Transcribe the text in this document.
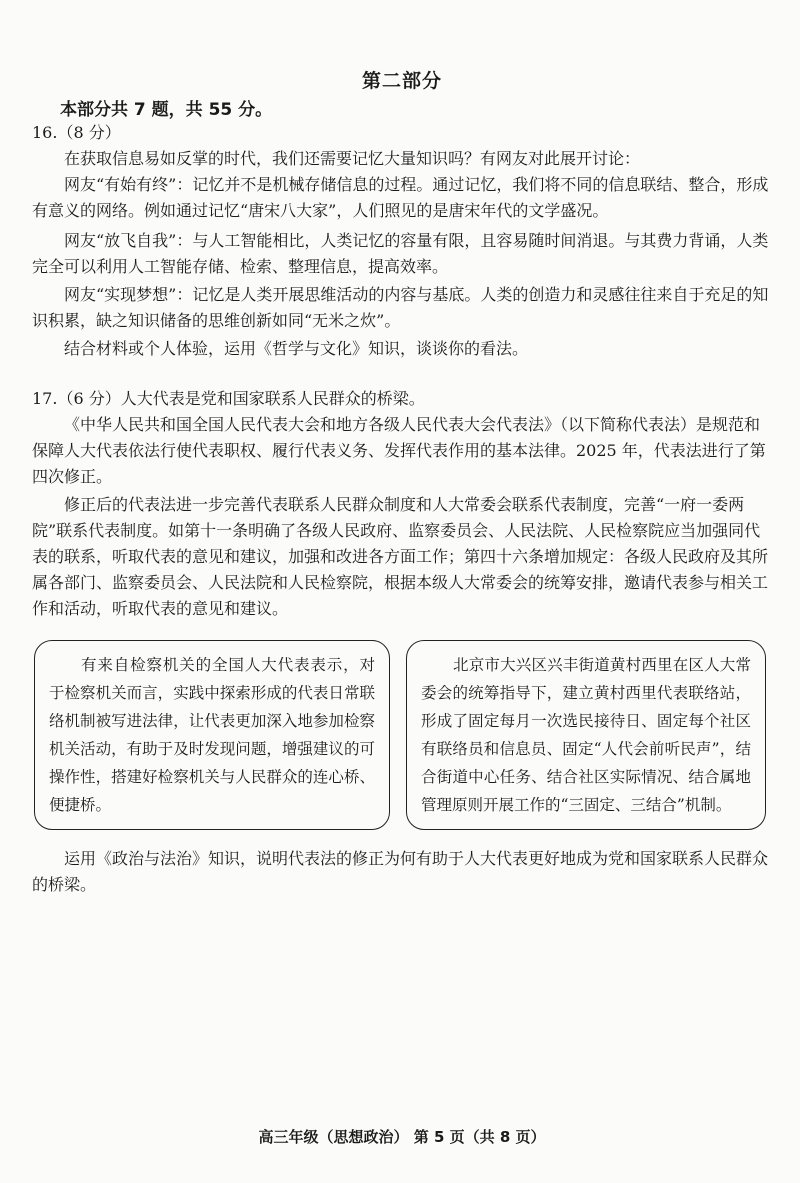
第二部分
本部分共 7 题，共 55 分。

16.（8 分）

在获取信息易如反掌的时代，我们还需要记忆大量知识吗？有网友对此展开讨论：

网友“有始有终”：记忆并不是机械存储信息的过程。通过记忆，我们将不同的信息联结、整合，形成有意义的网络。例如通过记忆“唐宋八大家”，人们照见的是唐宋年代的文学盛况。

网友“放飞自我”：与人工智能相比，人类记忆的容量有限，且容易随时间消退。与其费力背诵，人类完全可以利用人工智能存储、检索、整理信息，提高效率。

网友“实现梦想”：记忆是人类开展思维活动的内容与基底。人类的创造力和灵感往往来自于充足的知识积累，缺之知识储备的思维创新如同“无米之炊”。

结合材料或个人体验，运用《哲学与文化》知识，谈谈你的看法。

17.（6 分）人大代表是党和国家联系人民群众的桥梁。

《中华人民共和国全国人民代表大会和地方各级人民代表大会代表法》（以下简称代表法）是规范和保障人大代表依法行使代表职权、履行代表义务、发挥代表作用的基本法律。2025 年，代表法进行了第四次修正。

修正后的代表法进一步完善代表联系人民群众制度和人大常委会联系代表制度，完善“一府一委两院”联系代表制度。如第十一条明确了各级人民政府、监察委员会、人民法院、人民检察院应当加强同代表的联系，听取代表的意见和建议，加强和改进各方面工作；第四十六条增加规定：各级人民政府及其所属各部门、监察委员会、人民法院和人民检察院，根据本级人大常委会的统筹安排，邀请代表参与相关工作和活动，听取代表的意见和建议。

有来自检察机关的全国人大代表表示，对于检察机关而言，实践中探索形成的代表日常联络机制被写进法律，让代表更加深入地参加检察机关活动，有助于及时发现问题，增强建议的可操作性，搭建好检察机关与人民群众的连心桥、便捷桥。
北京市大兴区兴丰街道黄村西里在区人大常委会的统筹指导下，建立黄村西里代表联络站，形成了固定每月一次选民接待日、固定每个社区有联络员和信息员、固定“人代会前听民声”，结合街道中心任务、结合社区实际情况、结合属地管理原则开展工作的“三固定、三结合”机制。

运用《政治与法治》知识，说明代表法的修正为何有助于人大代表更好地成为党和国家联系人民群众的桥梁。

高三年级（思想政治） 第 5 页（共 8 页）
